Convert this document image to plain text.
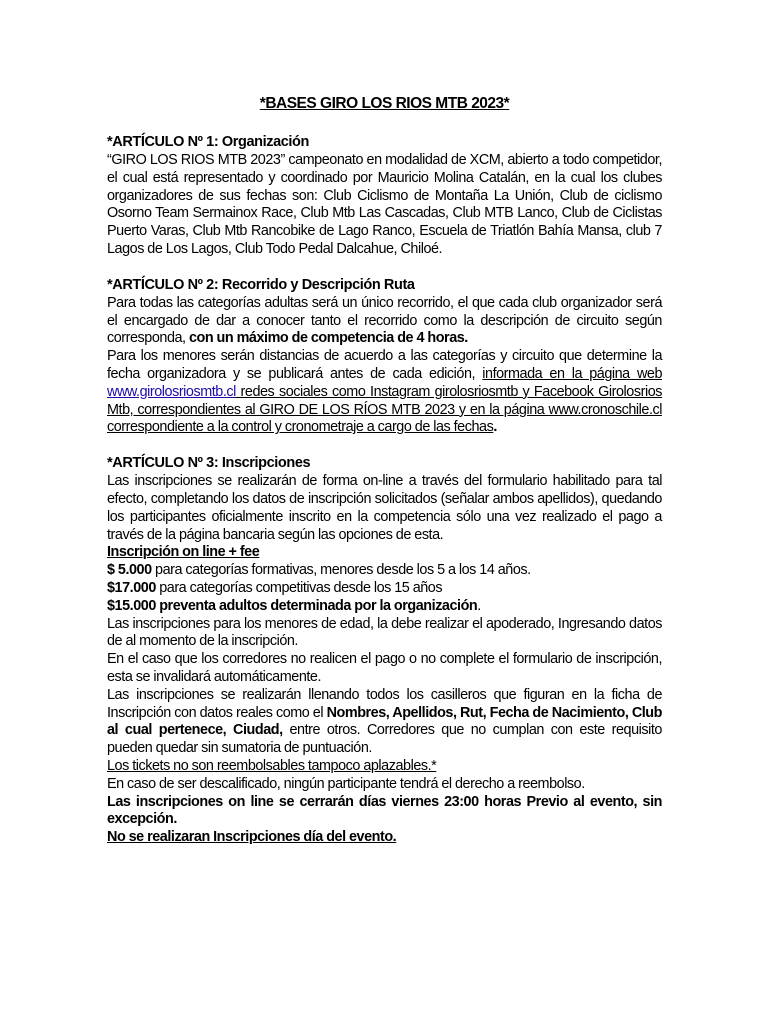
*BASES GIRO LOS RIOS MTB 2023*
*ARTÍCULO Nº 1: Organización

“GIRO LOS RIOS MTB 2023” campeonato en modalidad de XCM, abierto a todo competidor, el cual está representado y coordinado por Mauricio Molina Catalán, en la cual los clubes organizadores de sus fechas son: Club Ciclismo de Montaña La Unión, Club de ciclismo Osorno Team Sermainox Race, Club Mtb Las Cascadas, Club MTB Lanco, Club de Ciclistas Puerto Varas, Club Mtb Rancobike de Lago Ranco, Escuela de Triatlón Bahía Mansa, club 7 Lagos de Los Lagos, Club Todo Pedal Dalcahue, Chiloé.

*ARTÍCULO Nº 2: Recorrido y Descripción Ruta

Para todas las categorías adultas será un único recorrido, el que cada club organizador será el encargado de dar a conocer tanto el recorrido como la descripción de circuito según corresponda, con un máximo de competencia de 4 horas.

Para los menores serán distancias de acuerdo a las categorías y circuito que determine la fecha organizadora y se publicará antes de cada edición, informada en la página web www.girolosriosmtb.cl redes sociales como Instagram girolosriosmtb y Facebook Girolosrios Mtb, correspondientes al GIRO DE LOS RÍOS MTB 2023 y en la página www.cronoschile.cl correspondiente a la control y cronometraje a cargo de las fechas.

*ARTÍCULO Nº 3: Inscripciones

Las inscripciones se realizarán de forma on-line a través del formulario habilitado para tal efecto, completando los datos de inscripción solicitados (señalar ambos apellidos), quedando los participantes oficialmente inscrito en la competencia sólo una vez realizado el pago a través de la página bancaria según las opciones de esta.

Inscripción on line + fee

$ 5.000 para categorías formativas, menores desde los 5 a los 14 años.

$17.000 para categorías competitivas desde los 15 años

$15.000 preventa adultos determinada por la organización.

Las inscripciones para los menores de edad, la debe realizar el apoderado, Ingresando datos de al momento de la inscripción.

En el caso que los corredores no realicen el pago o no complete el formulario de inscripción, esta se invalidará automáticamente.

Las inscripciones se realizarán llenando todos los casilleros que figuran en la ficha de Inscripción con datos reales como el Nombres, Apellidos, Rut, Fecha de Nacimiento, Club al cual pertenece, Ciudad, entre otros. Corredores que no cumplan con este requisito pueden quedar sin sumatoria de puntuación.

Los tickets no son reembolsables tampoco aplazables.*

En caso de ser descalificado, ningún participante tendrá el derecho a reembolso.

Las inscripciones on line se cerrarán días viernes 23:00 horas Previo al evento, sin excepción.

No se realizaran Inscripciones día del evento.
